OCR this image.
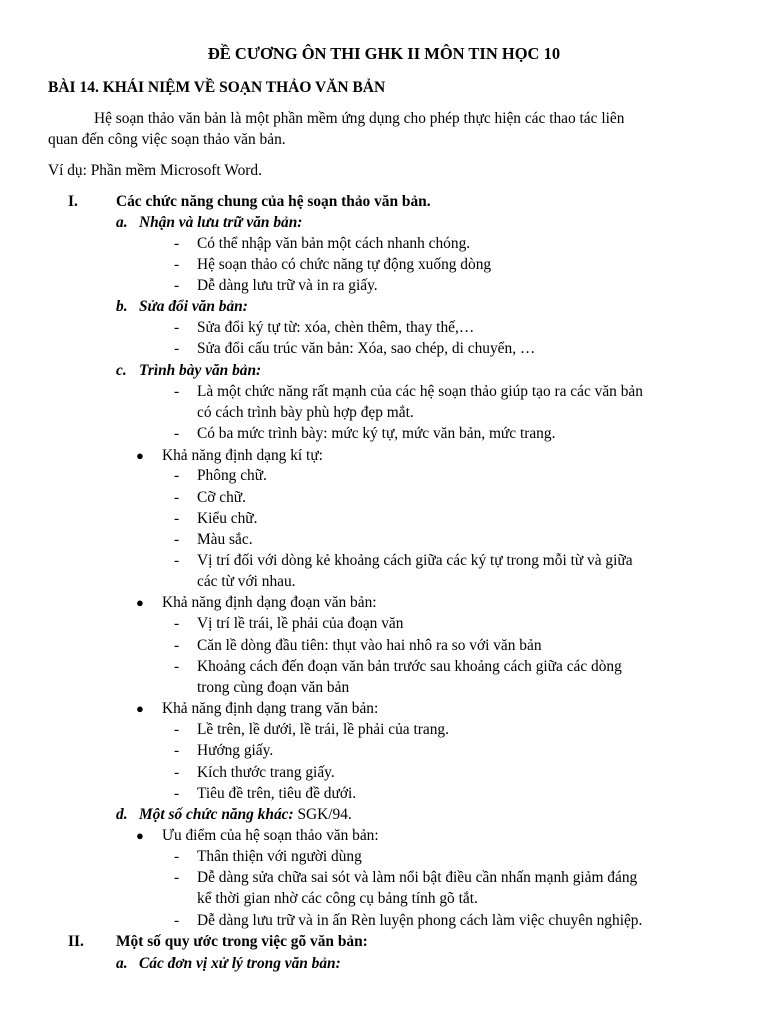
ĐỀ CƯƠNG ÔN THI GHK II MÔN TIN HỌC 10
BÀI 14. KHÁI NIỆM VỀ SOẠN THẢO VĂN BẢN
Hệ soạn thảo văn bản là một phần mềm ứng dụng cho phép thực hiện các thao tác liên
quan đến công việc soạn thảo văn bản.
Ví dụ: Phần mềm Microsoft Word.
I. Các chức năng chung của hệ soạn thảo văn bản.
a. Nhận và lưu trữ văn bản:
- Có thể nhập văn bản một cách nhanh chóng.
- Hệ soạn thảo có chức năng tự động xuống dòng
- Dễ dàng lưu trữ và in ra giấy.
b. Sửa đổi văn bản:
- Sửa đổi ký tự từ: xóa, chèn thêm, thay thế,…
- Sửa đổi cấu trúc văn bản: Xóa, sao chép, di chuyển, …
c. Trình bày văn bản:
- Là một chức năng rất mạnh của các hệ soạn thảo giúp tạo ra các văn bản
có cách trình bày phù hợp đẹp mắt.
- Có ba mức trình bày: mức ký tự, mức văn bản, mức trang.
● Khả năng định dạng kí tự:
- Phông chữ.
- Cỡ chữ.
- Kiểu chữ.
- Màu sắc.
- Vị trí đối với dòng kẻ khoảng cách giữa các ký tự trong mỗi từ và giữa
các từ với nhau.
● Khả năng định dạng đoạn văn bản:
- Vị trí lề trái, lề phải của đoạn văn
- Căn lề dòng đầu tiên: thụt vào hai nhô ra so với văn bản
- Khoảng cách đến đoạn văn bản trước sau khoảng cách giữa các dòng
trong cùng đoạn văn bản
● Khả năng định dạng trang văn bản:
- Lề trên, lề dưới, lề trái, lề phải của trang.
- Hướng giấy.
- Kích thước trang giấy.
- Tiêu đề trên, tiêu đề dưới.
d. Một số chức năng khác: SGK/94.
● Ưu điểm của hệ soạn thảo văn bản:
- Thân thiện với người dùng
- Dễ dàng sửa chữa sai sót và làm nổi bật điều cần nhấn mạnh giảm đáng
kể thời gian nhờ các công cụ bảng tính gõ tắt.
- Dễ dàng lưu trữ và in ấn Rèn luyện phong cách làm việc chuyên nghiệp.
II. Một số quy ước trong việc gõ văn bản:
a. Các đơn vị xử lý trong văn bản:
